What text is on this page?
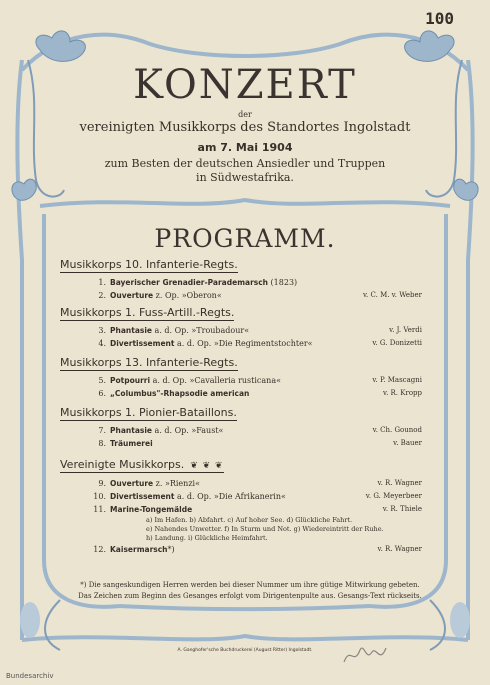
100
KONZERT
der
vereinigten Musikkorps des Standortes Ingolstadt
am 7. Mai 1904
zum Besten der deutschen Ansiedler und Truppen
in Südwestafrika.
PROGRAMM.
Musikkorps 10. Infanterie-Regts.
1. Bayerischer Grenadier-Parademarsch (1823)
2. Ouverture z. Op. »Oberon«	v. C. M. v. Weber
Musikkorps 1. Fuss-Artill.-Regts.
3. Phantasie a. d. Op. »Troubadour«	v. J. Verdi
4. Divertissement a. d. Op. »Die Regimentstochter«	v. G. Donizetti
Musikkorps 13. Infanterie-Regts.
5. Potpourri a. d. Op. »Cavalleria rusticana«	v. P. Mascagni
6. „Columbus"-Rhapsodie american	v. R. Kropp
Musikkorps 1. Pionier-Bataillons.
7. Phantasie a. d. Op. »Faust«	v. Ch. Gounod
8. Träumerei	v. Bauer
Vereinigte Musikkorps. ❦ ❦ ❦
9. Ouverture z. »Rienzi«	v. R. Wagner
10. Divertissement a. d. Op. »Die Afrikanerin«	v. G. Meyerbeer
11. Marine-Tongemälde	v. R. Thiele
a) Im Hafen. b) Abfahrt. c) Auf hoher See. d) Glückliche Fahrt.
e) Nahendes Unwetter. f) In Sturm und Not. g) Wiedereintritt der Ruhe.
h) Landung. i) Glückliche Heimfahrt.
12. Kaisermarsch*)	v. R. Wagner
*) Die sangeskundigen Herren werden bei dieser Nummer um ihre gütige Mitwirkung gebeten.
Das Zeichen zum Beginn des Gesanges erfolgt vom Dirigentenpulte aus. Gesangs-Text rückseits.
A. Ganghofer'sche Buchdruckerei (August Ritter) Ingolstadt.
Bundesarchiv
